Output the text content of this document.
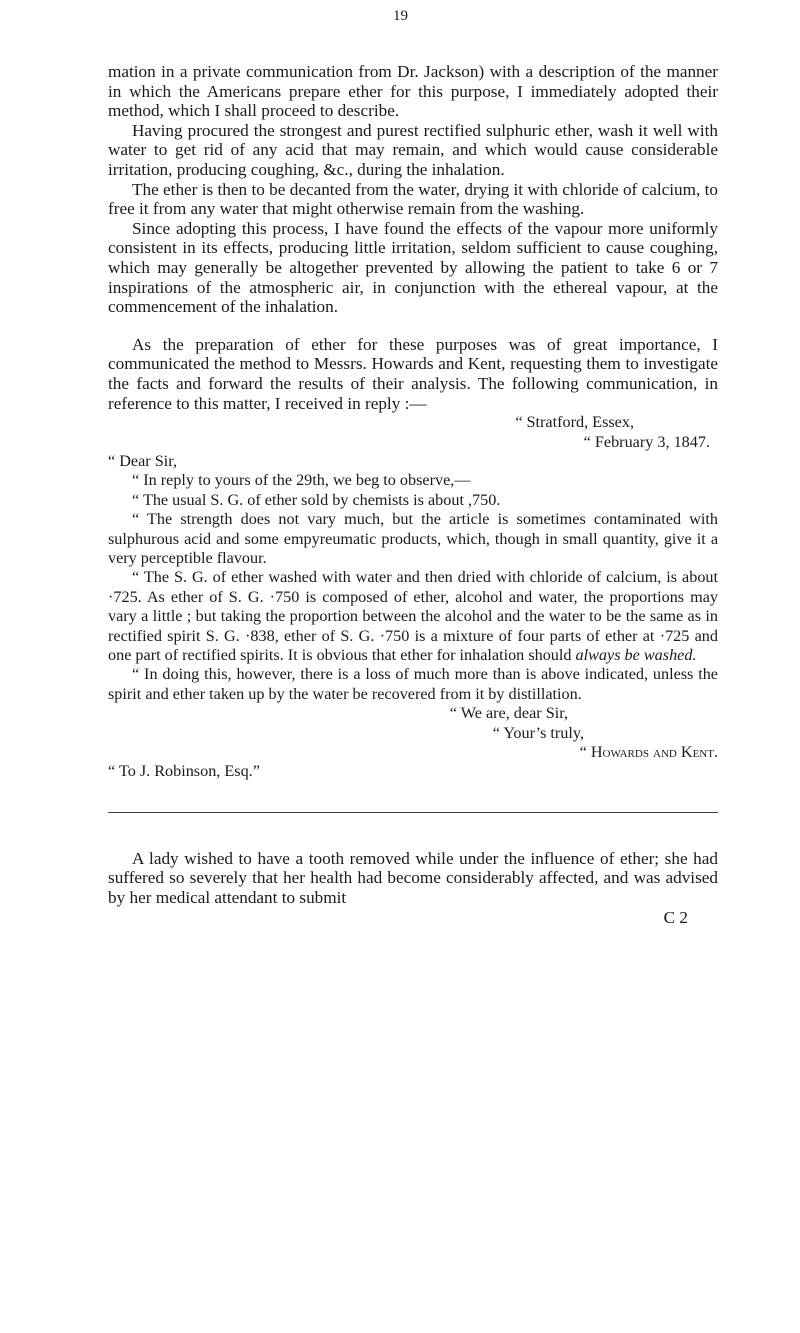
19

mation in a private communication from Dr. Jackson) with a description of the manner in which the Americans prepare ether for this purpose, I immediately adopted their method, which I shall proceed to describe.

Having procured the strongest and purest rectified sulphuric ether, wash it well with water to get rid of any acid that may remain, and which would cause considerable irritation, producing coughing, &c., during the inhalation.

The ether is then to be decanted from the water, drying it with chloride of calcium, to free it from any water that might otherwise remain from the washing.

Since adopting this process, I have found the effects of the vapour more uniformly consistent in its effects, producing little irritation, seldom sufficient to cause coughing, which may generally be altogether prevented by allowing the patient to take 6 or 7 inspirations of the atmospheric air, in conjunction with the ethereal vapour, at the commencement of the inhalation.

As the preparation of ether for these purposes was of great importance, I communicated the method to Messrs. Howards and Kent, requesting them to investigate the facts and forward the results of their analysis. The following communication, in reference to this matter, I received in reply :—

“ Stratford, Essex,

“ February 3, 1847.

“ Dear Sir,

“ In reply to yours of the 29th, we beg to observe,—

“ The usual S. G. of ether sold by chemists is about ,750.

“ The strength does not vary much, but the article is sometimes contaminated with sulphurous acid and some empyreumatic products, which, though in small quantity, give it a very perceptible flavour.

“ The S. G. of ether washed with water and then dried with chloride of calcium, is about ·725. As ether of S. G. ·750 is composed of ether, alcohol and water, the proportions may vary a little ; but taking the proportion between the alcohol and the water to be the same as in rectified spirit S. G. ·838, ether of S. G. ·750 is a mixture of four parts of ether at ·725 and one part of rectified spirits. It is obvious that ether for inhalation should always be washed.

“ In doing this, however, there is a loss of much more than is above indicated, unless the spirit and ether taken up by the water be recovered from it by distillation.

“ We are, dear Sir,

“ Your’s truly,

“ Howards and Kent.

“ To J. Robinson, Esq.”

A lady wished to have a tooth removed while under the influence of ether; she had suffered so severely that her health had become considerably affected, and was advised by her medical attendant to submit

C 2
